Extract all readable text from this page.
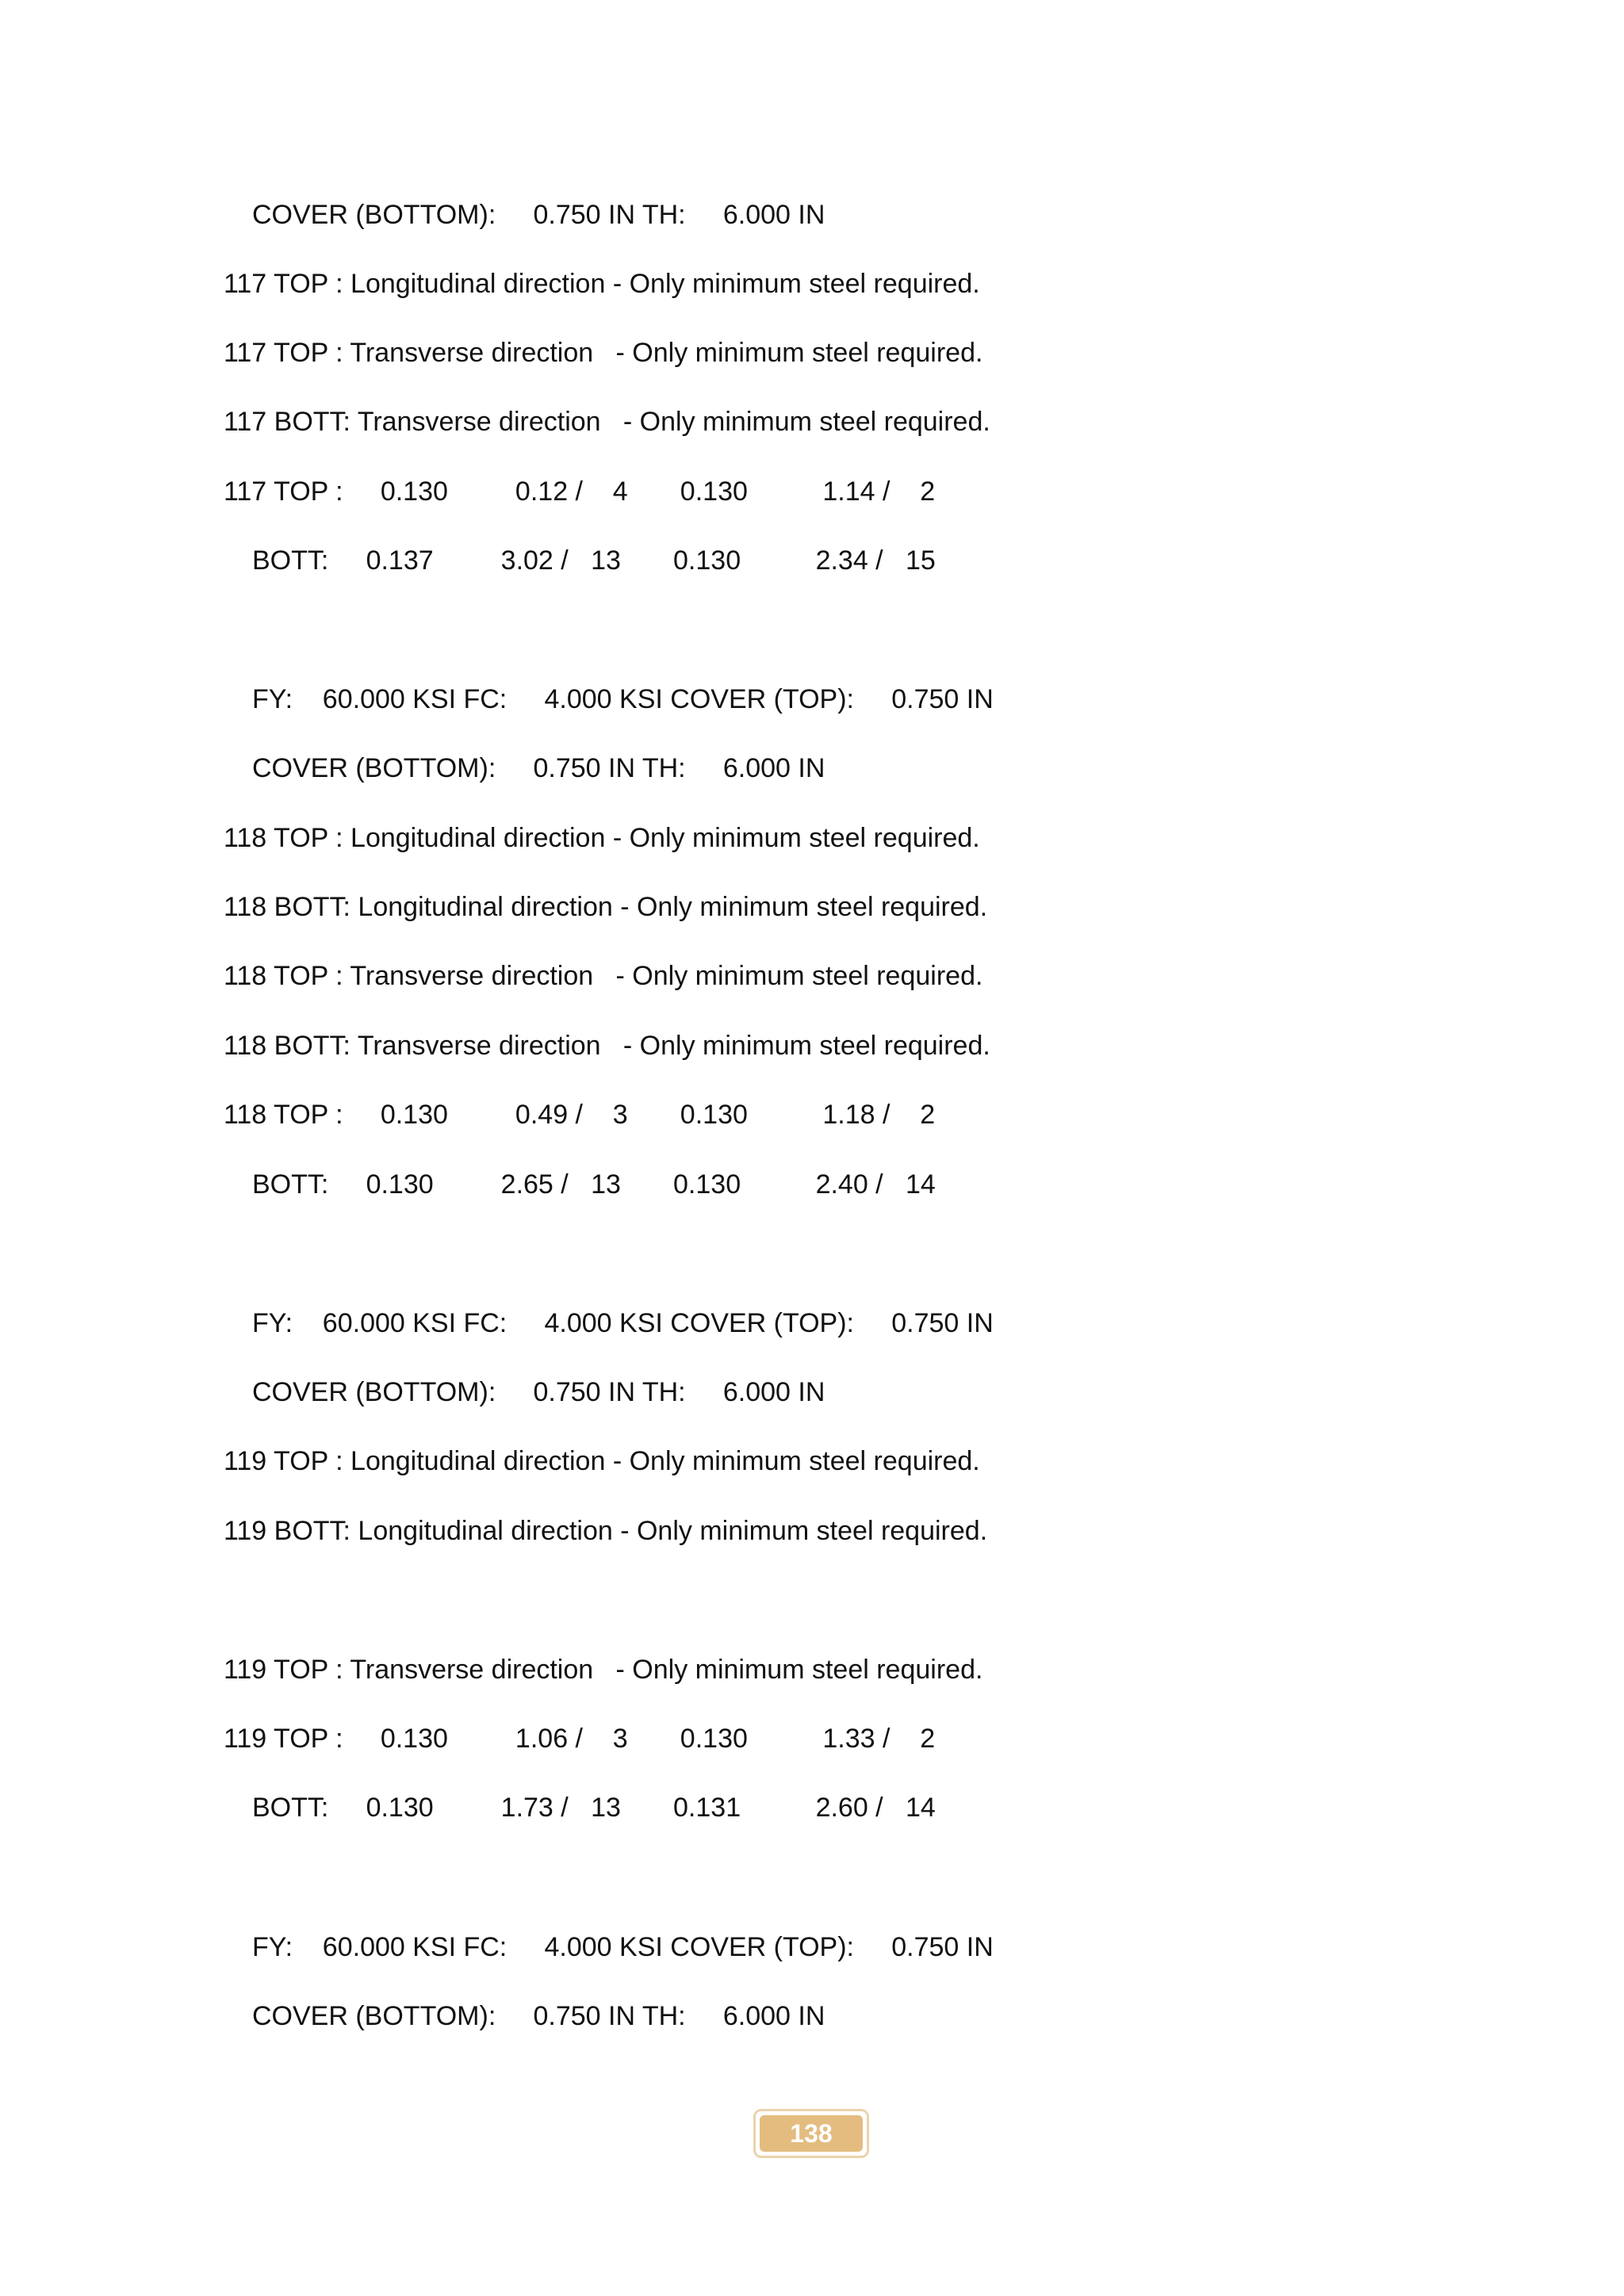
COVER (BOTTOM):     0.750 IN TH:     6.000 IN
117 TOP : Longitudinal direction - Only minimum steel required.
117 TOP : Transverse direction   - Only minimum steel required.
117 BOTT: Transverse direction   - Only minimum steel required.
117 TOP :     0.130         0.12 /    4       0.130          1.14 /    2
BOTT:     0.137         3.02 /   13       0.130          2.34 /   15
FY:    60.000 KSI FC:     4.000 KSI COVER (TOP):     0.750 IN
COVER (BOTTOM):     0.750 IN TH:     6.000 IN
118 TOP : Longitudinal direction - Only minimum steel required.
118 BOTT: Longitudinal direction - Only minimum steel required.
118 TOP : Transverse direction   - Only minimum steel required.
118 BOTT: Transverse direction   - Only minimum steel required.
118 TOP :     0.130         0.49 /    3       0.130          1.18 /    2
BOTT:     0.130         2.65 /   13       0.130          2.40 /   14
FY:    60.000 KSI FC:     4.000 KSI COVER (TOP):     0.750 IN
COVER (BOTTOM):     0.750 IN TH:     6.000 IN
119 TOP : Longitudinal direction - Only minimum steel required.
119 BOTT: Longitudinal direction - Only minimum steel required.
119 TOP : Transverse direction   - Only minimum steel required.
119 TOP :     0.130         1.06 /    3       0.130          1.33 /    2
BOTT:     0.130         1.73 /   13       0.131          2.60 /   14
FY:    60.000 KSI FC:     4.000 KSI COVER (TOP):     0.750 IN
COVER (BOTTOM):     0.750 IN TH:     6.000 IN
138
